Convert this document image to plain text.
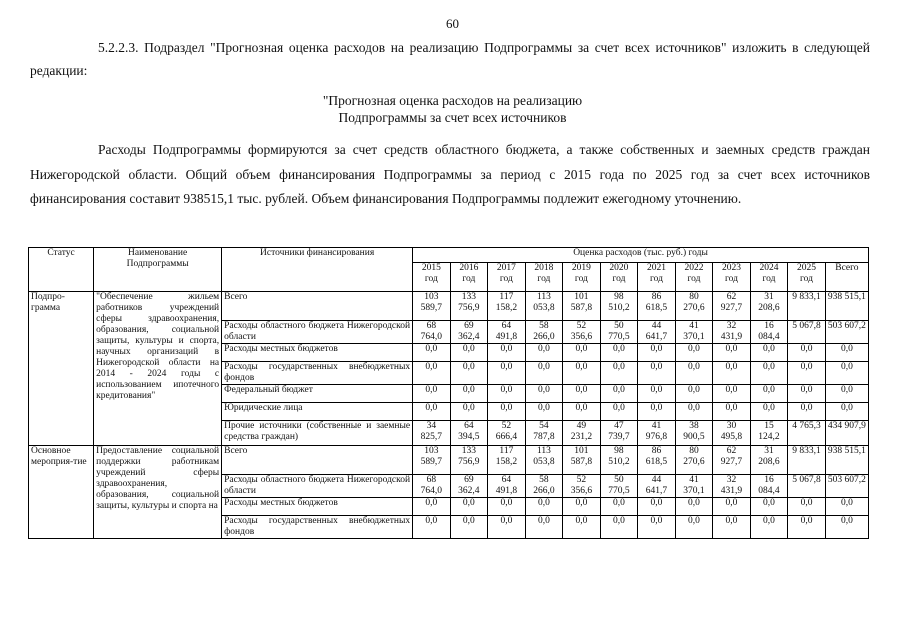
60
5.2.2.3. Подраздел "Прогнозная оценка расходов на реализацию Подпрограммы за счет всех источников" изложить в следующей редакции:
"Прогнозная оценка расходов на реализацию
Подпрограммы за счет всех источников
Расходы Подпрограммы формируются за счет средств областного бюджета, а также собственных и заемных средств граждан Нижегородской области. Общий объем финансирования Подпрограммы за период с 2015 года по 2025 год за счет всех источников финансирования составит 938515,1 тыс. рублей. Объем финансирования Подпрограммы подлежит ежегодному уточнению.
Статус	Наименование Подпрограммы	Источники финансирования	Оценка расходов (тыс. руб.) годы											
			2015 год	2016 год	2017 год	2018 год	2019 год	2020 год	2021 год	2022 год	2023 год	2024 год	2025 год	Всего
Подпро-грамма	"Обеспечение жильем работников учреждений сферы здравоохранения, образования, социальной защиты, культуры и спорта, научных организаций в Нижегородской области на 2014 - 2024 годы с использованием ипотечного кредитования"	Всего	103 589,7	133 756,9	117 158,2	113 053,8	101 587,8	98 510,2	86 618,5	80 270,6	62 927,7	31 208,6	9 833,1	938 515,1
		Расходы областного бюджета Нижегородской области	68 764,0	69 362,4	64 491,8	58 266,0	52 356,6	50 770,5	44 641,7	41 370,1	32 431,9	16 084,4	5 067,8	503 607,2
		Расходы местных бюджетов	0,0	0,0	0,0	0,0	0,0	0,0	0,0	0,0	0,0	0,0	0,0	0,0
		Расходы государственных внебюджетных фондов	0,0	0,0	0,0	0,0	0,0	0,0	0,0	0,0	0,0	0,0	0,0	0,0
		Федеральный бюджет	0,0	0,0	0,0	0,0	0,0	0,0	0,0	0,0	0,0	0,0	0,0	0,0
		Юридические лица	0,0	0,0	0,0	0,0	0,0	0,0	0,0	0,0	0,0	0,0	0,0	0,0
		Прочие источники (собственные и заемные средства граждан)	34 825,7	64 394,5	52 666,4	54 787,8	49 231,2	47 739,7	41 976,8	38 900,5	30 495,8	15 124,2	4 765,3	434 907,9
Основное мероприя-тие	Предоставление социальной поддержки работникам учреждений сферы здравоохранения, образования, социальной защиты, культуры и спорта на	Всего	103 589,7	133 756,9	117 158,2	113 053,8	101 587,8	98 510,2	86 618,5	80 270,6	62 927,7	31 208,6	9 833,1	938 515,1
		Расходы областного бюджета Нижегородской области	68 764,0	69 362,4	64 491,8	58 266,0	52 356,6	50 770,5	44 641,7	41 370,1	32 431,9	16 084,4	5 067,8	503 607,2
		Расходы местных бюджетов	0,0	0,0	0,0	0,0	0,0	0,0	0,0	0,0	0,0	0,0	0,0	0,0
		Расходы государственных внебюджетных фондов	0,0	0,0	0,0	0,0	0,0	0,0	0,0	0,0	0,0	0,0	0,0	0,0
